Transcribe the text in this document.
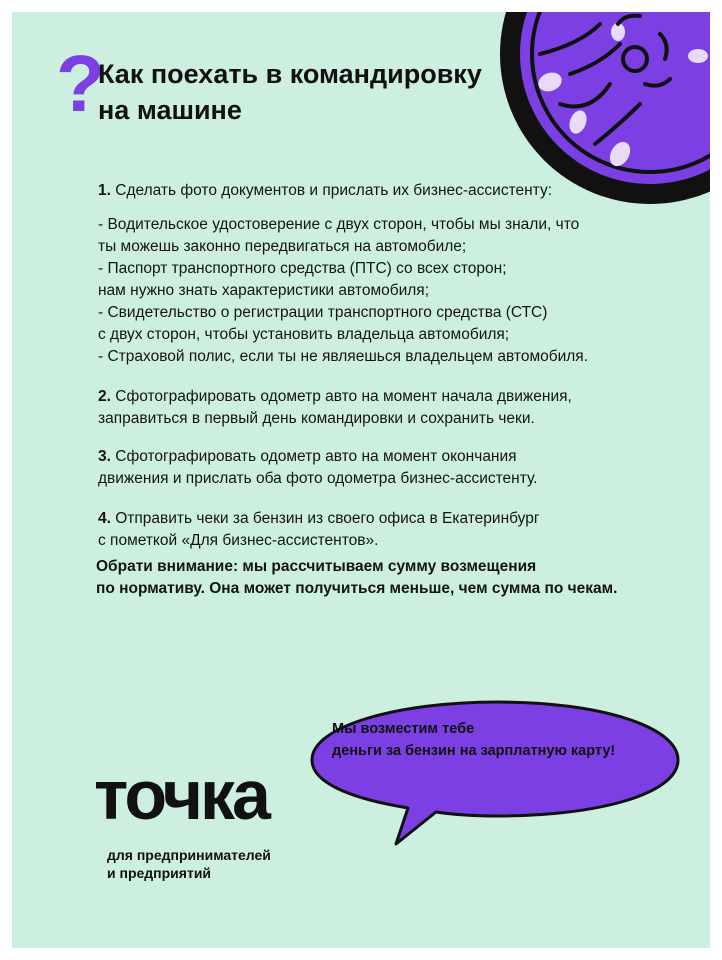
?
Как поехать в командировку
на машине

1. Сделать фото документов и прислать их бизнес-ассистенту:

- Водительское удостоверение с двух сторон, чтобы мы знали, что
ты можешь законно передвигаться на автомобиле;
- Паспорт транспортного средства (ПТС) со всех сторон;
нам нужно знать характеристики автомобиля;
- Свидетельство о регистрации транспортного средства (СТС)
с двух сторон, чтобы установить владельца автомобиля;
- Страховой полис, если ты не являешься владельцем автомобиля.

2. Сфотографировать одометр авто на момент начала движения,
заправиться в первый день командировки и сохранить чеки.

3. Сфотографировать одометр авто на момент окончания
движения и прислать оба фото одометра бизнес-ассистенту.

4. Отправить чеки за бензин из своего офиса в Екатеринбург
с пометкой «Для бизнес-ассистентов».

Обрати внимание: мы рассчитываем сумму возмещения
по нормативу. Она может получиться меньше, чем сумма по чекам.
Мы возместим тебе
деньги за бензин на зарплатную карту!
точка
для предпринимателей
и предприятий
